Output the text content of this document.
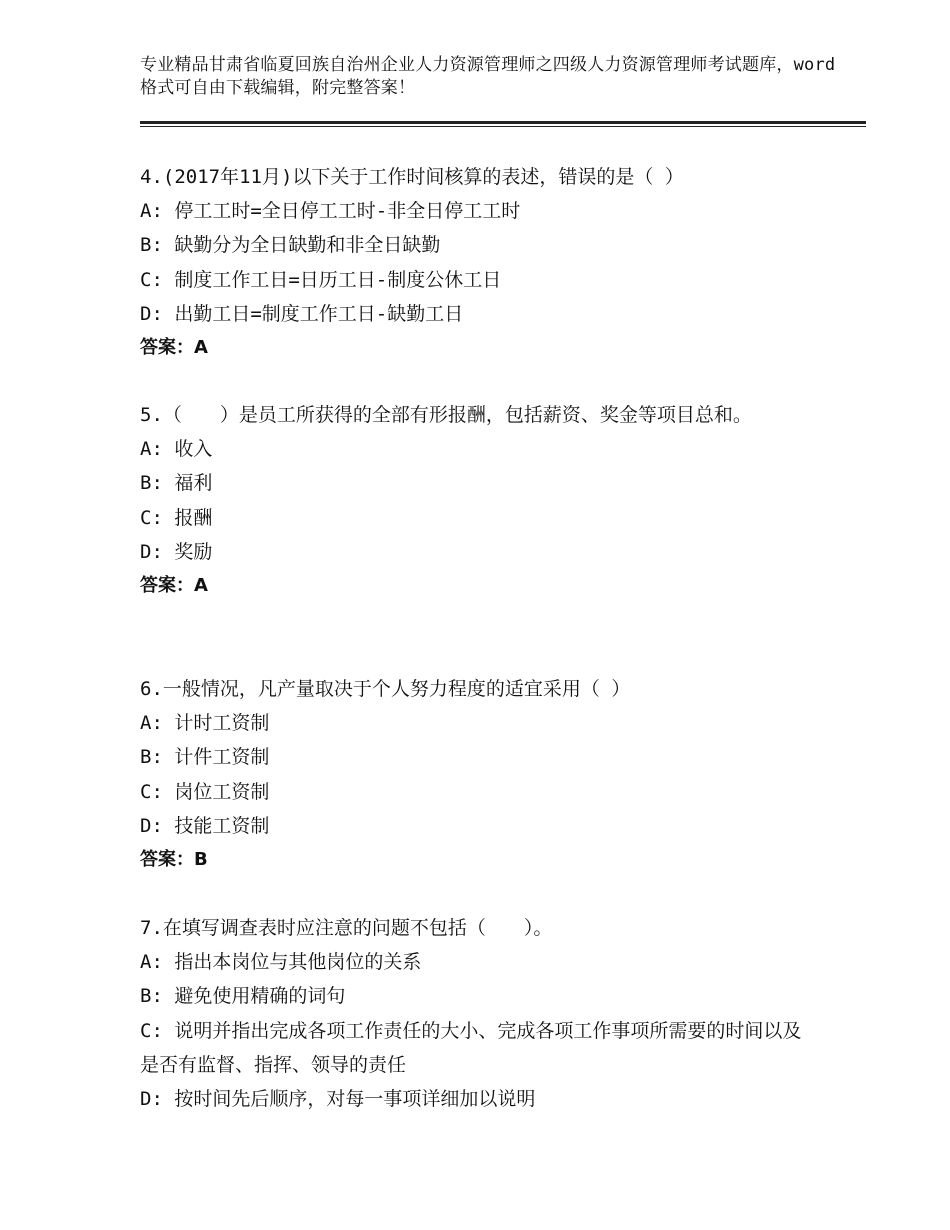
专业精品甘肃省临夏回族自治州企业人力资源管理师之四级人力资源管理师考试题库，word格式可自由下载编辑，附完整答案！

4.(2017年11月)以下关于工作时间核算的表述，错误的是（ ）

A: 停工工时=全日停工工时-非全日停工工时

B: 缺勤分为全日缺勤和非全日缺勤

C: 制度工作工日=日历工日-制度公休工日

D: 出勤工日=制度工作工日-缺勤工日

答案：A

5.（　　）是员工所获得的全部有形报酬，包括薪资、奖金等项目总和。

A: 收入

B: 福利

C: 报酬

D: 奖励

答案：A

6.一般情况，凡产量取决于个人努力程度的适宜采用（ ）

A: 计时工资制

B: 计件工资制

C: 岗位工资制

D: 技能工资制

答案：B

7.在填写调查表时应注意的问题不包括（　　）。

A: 指出本岗位与其他岗位的关系

B: 避免使用精确的词句

C: 说明并指出完成各项工作责任的大小、完成各项工作事项所需要的时间以及是否有监督、指挥、领导的责任

D: 按时间先后顺序，对每一事项详细加以说明
